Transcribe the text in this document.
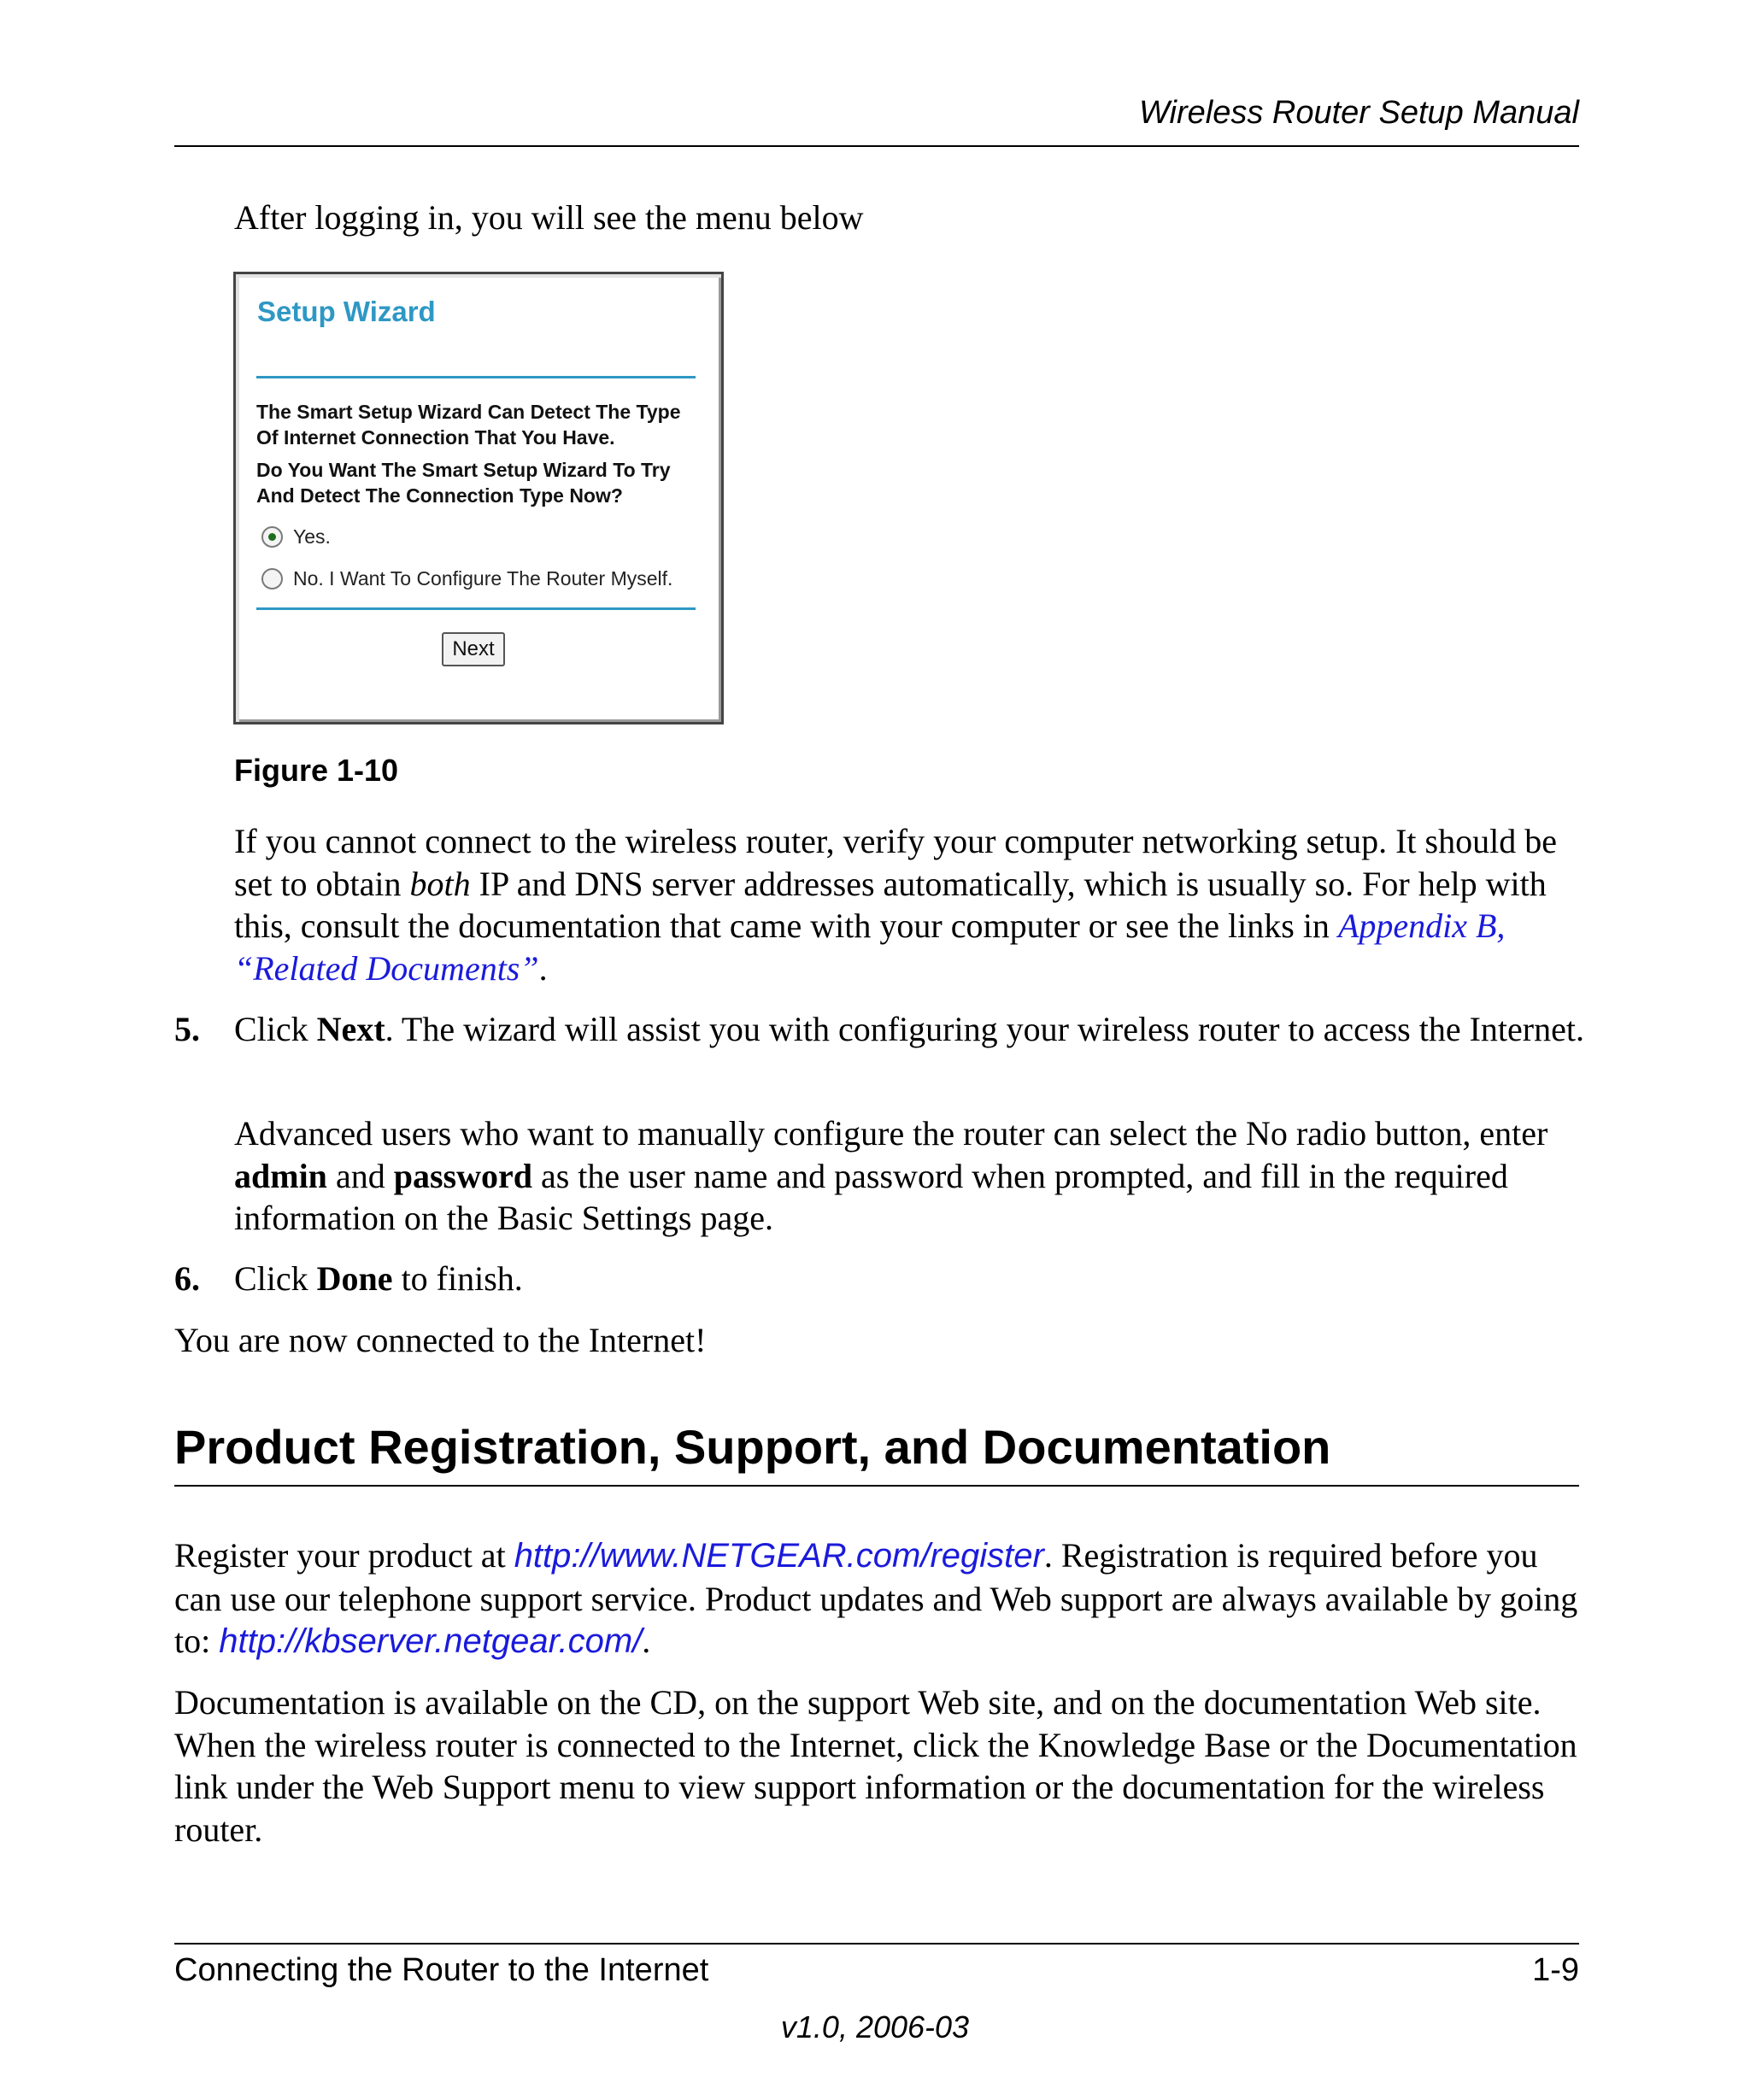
Wireless Router Setup Manual

After logging in, you will see the menu below

Setup Wizard
The Smart Setup Wizard Can Detect The Type
Of Internet Connection That You Have.
Do You Want The Smart Setup Wizard To Try
And Detect The Connection Type Now?
Yes.
No. I Want To Configure The Router Myself.
Next
Figure 1-10

If you cannot connect to the wireless router, verify your computer networking setup. It should be set to obtain both IP and DNS server addresses automatically, which is usually so. For help with this, consult the documentation that came with your computer or see the links in Appendix B, “Related Documents”.

5. Click Next. The wizard will assist you with configuring your wireless router to access the Internet.

Advanced users who want to manually configure the router can select the No radio button, enter admin and password as the user name and password when prompted, and fill in the required information on the Basic Settings page.

6. Click Done to finish.

You are now connected to the Internet!

Product Registration, Support, and Documentation

Register your product at http://www.NETGEAR.com/register. Registration is required before you can use our telephone support service. Product updates and Web support are always available by going to: http://kbserver.netgear.com/.

Documentation is available on the CD, on the support Web site, and on the documentation Web site. When the wireless router is connected to the Internet, click the Knowledge Base or the Documentation link under the Web Support menu to view support information or the documentation for the wireless router.

Connecting the Router to the Internet	1-9
v1.0, 2006-03
